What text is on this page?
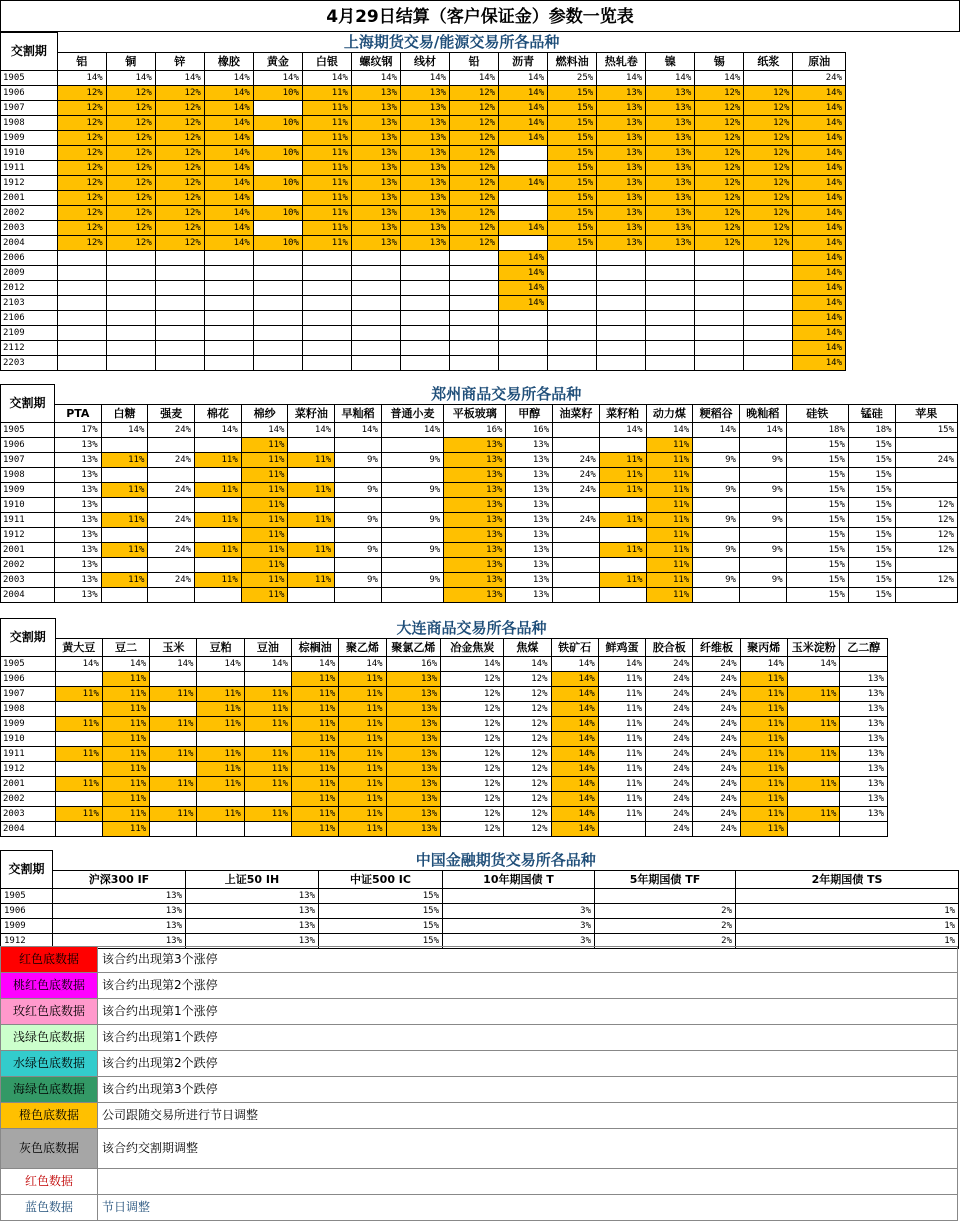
4月29日结算（客户保证金）参数一览表
交割期	上海期货交易/能源交易所各品种															
	铝	铜	锌	橡胶	黄金	白银	螺纹钢	线材	铅	沥青	燃料油	热轧卷	镍	锡	纸浆	原油
1905	14%	14%	14%	14%	14%	14%	14%	14%	14%	14%	25%	14%	14%	14%		24%
1906	12%	12%	12%	14%	10%	11%	13%	13%	12%	14%	15%	13%	13%	12%	12%	14%
1907	12%	12%	12%	14%		11%	13%	13%	12%	14%	15%	13%	13%	12%	12%	14%
1908	12%	12%	12%	14%	10%	11%	13%	13%	12%	14%	15%	13%	13%	12%	12%	14%
1909	12%	12%	12%	14%		11%	13%	13%	12%	14%	15%	13%	13%	12%	12%	14%
1910	12%	12%	12%	14%	10%	11%	13%	13%	12%		15%	13%	13%	12%	12%	14%
1911	12%	12%	12%	14%		11%	13%	13%	12%		15%	13%	13%	12%	12%	14%
1912	12%	12%	12%	14%	10%	11%	13%	13%	12%	14%	15%	13%	13%	12%	12%	14%
2001	12%	12%	12%	14%		11%	13%	13%	12%		15%	13%	13%	12%	12%	14%
2002	12%	12%	12%	14%	10%	11%	13%	13%	12%		15%	13%	13%	12%	12%	14%
2003	12%	12%	12%	14%		11%	13%	13%	12%	14%	15%	13%	13%	12%	12%	14%
2004	12%	12%	12%	14%	10%	11%	13%	13%	12%		15%	13%	13%	12%	12%	14%
2006										14%						14%
2009										14%						14%
2012										14%						14%
2103										14%						14%
2106																14%
2109																14%
2112																14%
2203																14%
交割期	郑州商品交易所各品种																	
	PTA	白糖	强麦	棉花	棉纱	菜籽油	早籼稻	普通小麦	平板玻璃	甲醇	油菜籽	菜籽粕	动力煤	粳稻谷	晚籼稻	硅铁	锰硅	苹果
1905	17%	14%	24%	14%	14%	14%	14%	14%	16%	16%		14%	14%	14%	14%	18%	18%	15%
1906	13%				11%				13%	13%			11%			15%	15%	
1907	13%	11%	24%	11%	11%	11%	9%	9%	13%	13%	24%	11%	11%	9%	9%	15%	15%	24%
1908	13%				11%				13%	13%	24%	11%	11%			15%	15%	
1909	13%	11%	24%	11%	11%	11%	9%	9%	13%	13%	24%	11%	11%	9%	9%	15%	15%	
1910	13%				11%				13%	13%			11%			15%	15%	12%
1911	13%	11%	24%	11%	11%	11%	9%	9%	13%	13%	24%	11%	11%	9%	9%	15%	15%	12%
1912	13%				11%				13%	13%			11%			15%	15%	12%
2001	13%	11%	24%	11%	11%	11%	9%	9%	13%	13%		11%	11%	9%	9%	15%	15%	12%
2002	13%				11%				13%	13%			11%			15%	15%	
2003	13%	11%	24%	11%	11%	11%	9%	9%	13%	13%		11%	11%	9%	9%	15%	15%	12%
2004	13%				11%				13%	13%			11%			15%	15%	
交割期	大连商品交易所各品种																
	黄大豆	豆二	玉米	豆粕	豆油	棕榈油	聚乙烯	聚氯乙烯	冶金焦炭	焦煤	铁矿石	鲜鸡蛋	胶合板	纤维板	聚丙烯	玉米淀粉	乙二醇
1905	14%	14%	14%	14%	14%	14%	14%	16%	14%	14%	14%	14%	24%	24%	14%	14%	
1906		11%				11%	11%	13%	12%	12%	14%	11%	24%	24%	11%		13%
1907	11%	11%	11%	11%	11%	11%	11%	13%	12%	12%	14%	11%	24%	24%	11%	11%	13%
1908		11%		11%	11%	11%	11%	13%	12%	12%	14%	11%	24%	24%	11%		13%
1909	11%	11%	11%	11%	11%	11%	11%	13%	12%	12%	14%	11%	24%	24%	11%	11%	13%
1910		11%				11%	11%	13%	12%	12%	14%	11%	24%	24%	11%		13%
1911	11%	11%	11%	11%	11%	11%	11%	13%	12%	12%	14%	11%	24%	24%	11%	11%	13%
1912		11%		11%	11%	11%	11%	13%	12%	12%	14%	11%	24%	24%	11%		13%
2001	11%	11%	11%	11%	11%	11%	11%	13%	12%	12%	14%	11%	24%	24%	11%	11%	13%
2002		11%				11%	11%	13%	12%	12%	14%	11%	24%	24%	11%		13%
2003	11%	11%	11%	11%	11%	11%	11%	13%	12%	12%	14%	11%	24%	24%	11%	11%	13%
2004		11%				11%	11%	13%	12%	12%	14%		24%	24%	11%		
交割期	中国金融期货交易所各品种					
	沪深300 IF	上证50 IH	中证500 IC	10年期国债 T	5年期国债 TF	2年期国债 TS
1905	13%	13%	15%			
1906	13%	13%	15%	3%	2%	1%
1909	13%	13%	15%	3%	2%	1%
1912	13%	13%	15%	3%	2%	1%
红色底数据	该合约出现第3个涨停
桃红色底数据	该合约出现第2个涨停
玫红色底数据	该合约出现第1个涨停
浅绿色底数据	该合约出现第1个跌停
水绿色底数据	该合约出现第2个跌停
海绿色底数据	该合约出现第3个跌停
橙色底数据	公司跟随交易所进行节日调整
灰色底数据	该合约交割期调整
红色数据	
蓝色数据	节日调整
